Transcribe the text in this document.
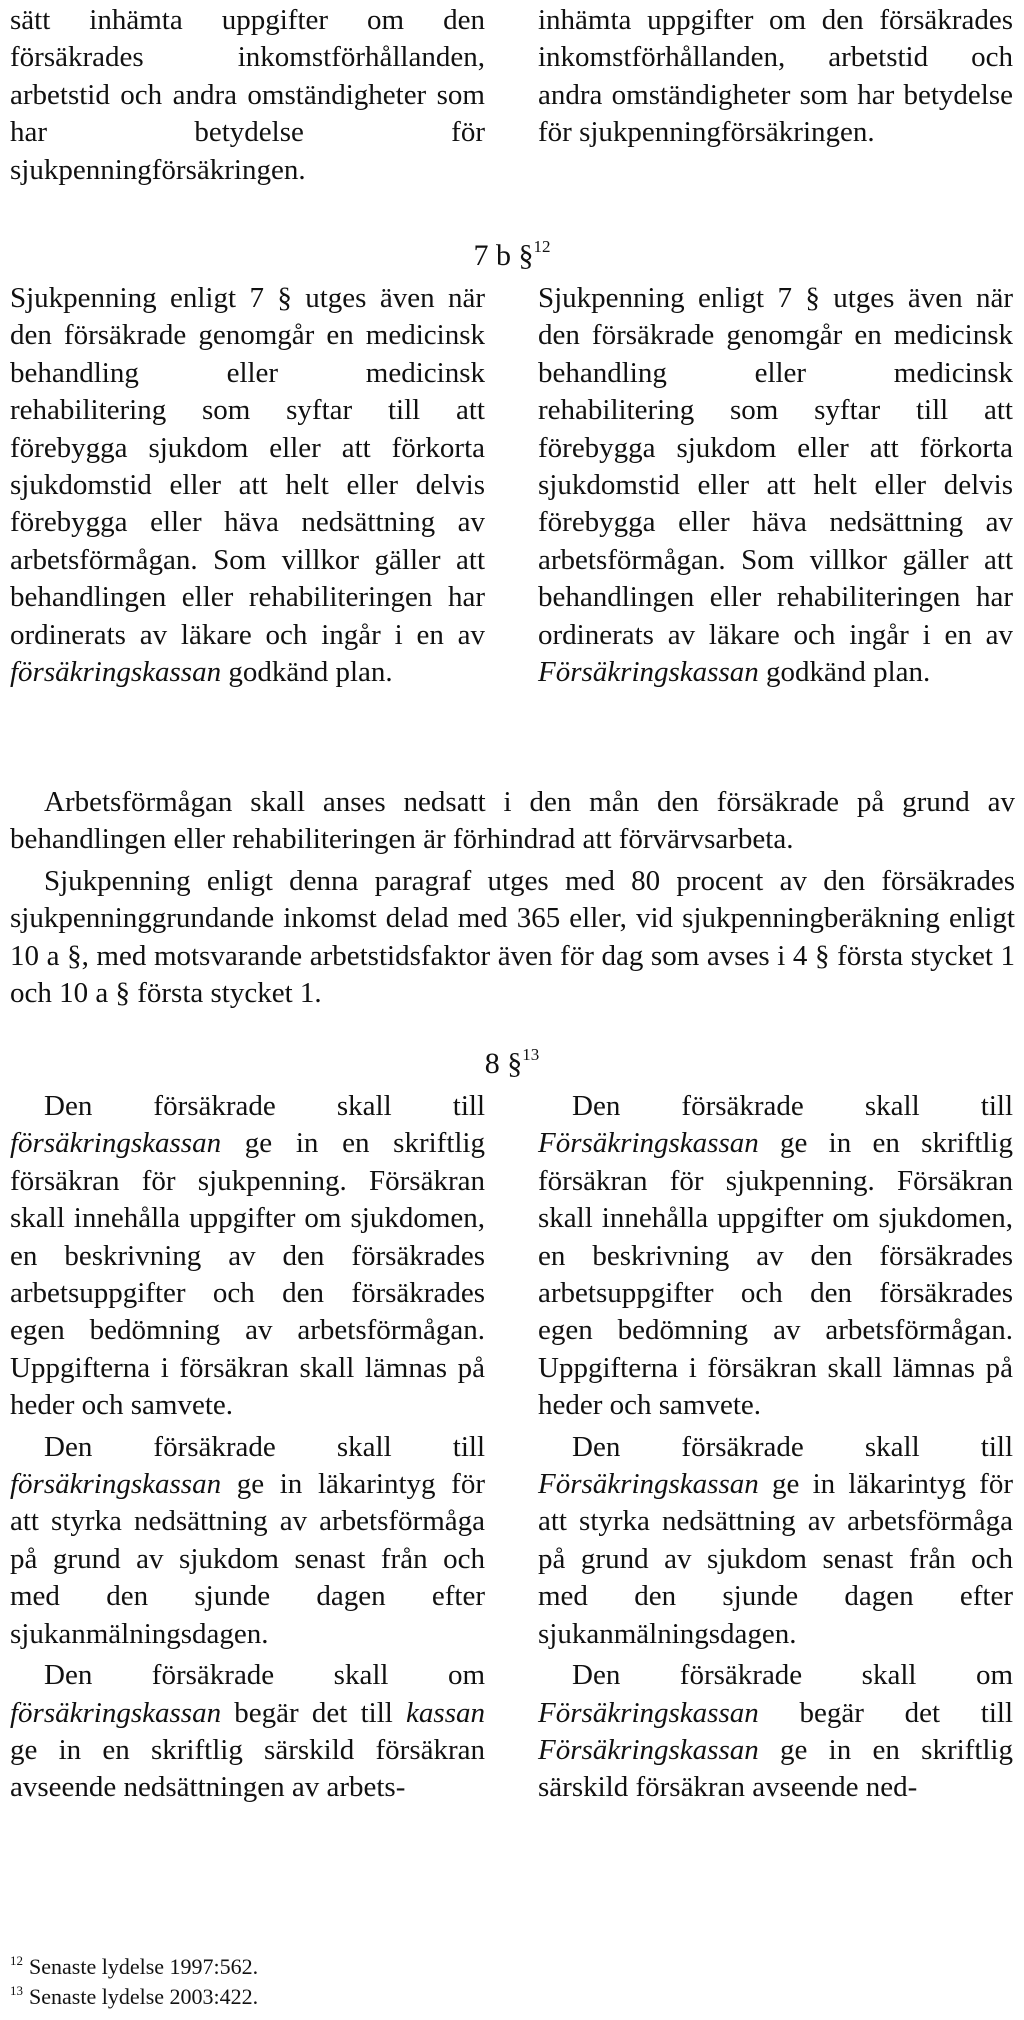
sätt inhämta uppgifter om den försäkrades inkomstförhållanden, arbetstid och andra omständigheter som har betydelse för sjukpenningförsäkringen.

inhämta uppgifter om den försäkrades inkomstförhållanden, arbetstid och andra omständigheter som har betydelse för sjukpenningförsäkringen.

7 b §$^{12}$

Sjukpenning enligt 7 § utges även när den försäkrade genomgår en medicinsk behandling eller medicinsk rehabilitering som syftar till att förebygga sjukdom eller att förkorta sjukdomstid eller att helt eller delvis förebygga eller häva nedsättning av arbetsförmågan. Som villkor gäller att behandlingen eller rehabiliteringen har ordinerats av läkare och ingår i en av försäkringskassan godkänd plan.

Sjukpenning enligt 7 § utges även när den försäkrade genomgår en medicinsk behandling eller medicinsk rehabilitering som syftar till att förebygga sjukdom eller att förkorta sjukdomstid eller att helt eller delvis förebygga eller häva nedsättning av arbetsförmågan. Som villkor gäller att behandlingen eller rehabiliteringen har ordinerats av läkare och ingår i en av Försäkringskassan godkänd plan.

Arbetsförmågan skall anses nedsatt i den mån den försäkrade på grund av behandlingen eller rehabiliteringen är förhindrad att förvärvsarbeta.

Sjukpenning enligt denna paragraf utges med 80 procent av den försäkrades sjukpenninggrundande inkomst delad med 365 eller, vid sjukpenningberäkning enligt 10 a §, med motsvarande arbetstidsfaktor även för dag som avses i 4 § första stycket 1 och 10 a § första stycket 1.

8 §$^{13}$

Den försäkrade skall till försäkringskassan ge in en skriftlig försäkran för sjukpenning. Försäkran skall innehålla uppgifter om sjukdomen, en beskrivning av den försäkrades arbetsuppgifter och den försäkrades egen bedömning av arbetsförmågan. Uppgifterna i försäkran skall lämnas på heder och samvete.

Den försäkrade skall till försäkringskassan ge in läkarintyg för att styrka nedsättning av arbetsförmåga på grund av sjukdom senast från och med den sjunde dagen efter sjukanmälningsdagen.

Den försäkrade skall om försäkringskassan begär det till kassan ge in en skriftlig särskild försäkran avseende nedsättningen av arbets-

Den försäkrade skall till Försäkringskassan ge in en skriftlig försäkran för sjukpenning. Försäkran skall innehålla uppgifter om sjukdomen, en beskrivning av den försäkrades arbetsuppgifter och den försäkrades egen bedömning av arbetsförmågan. Uppgifterna i försäkran skall lämnas på heder och samvete.

Den försäkrade skall till Försäkringskassan ge in läkarintyg för att styrka nedsättning av arbetsförmåga på grund av sjukdom senast från och med den sjunde dagen efter sjukanmälningsdagen.

Den försäkrade skall om Försäkringskassan begär det till Försäkringskassan ge in en skriftlig särskild försäkran avseende ned-

$^{12}$ Senaste lydelse 1997:562.
$^{13}$ Senaste lydelse 2003:422.
